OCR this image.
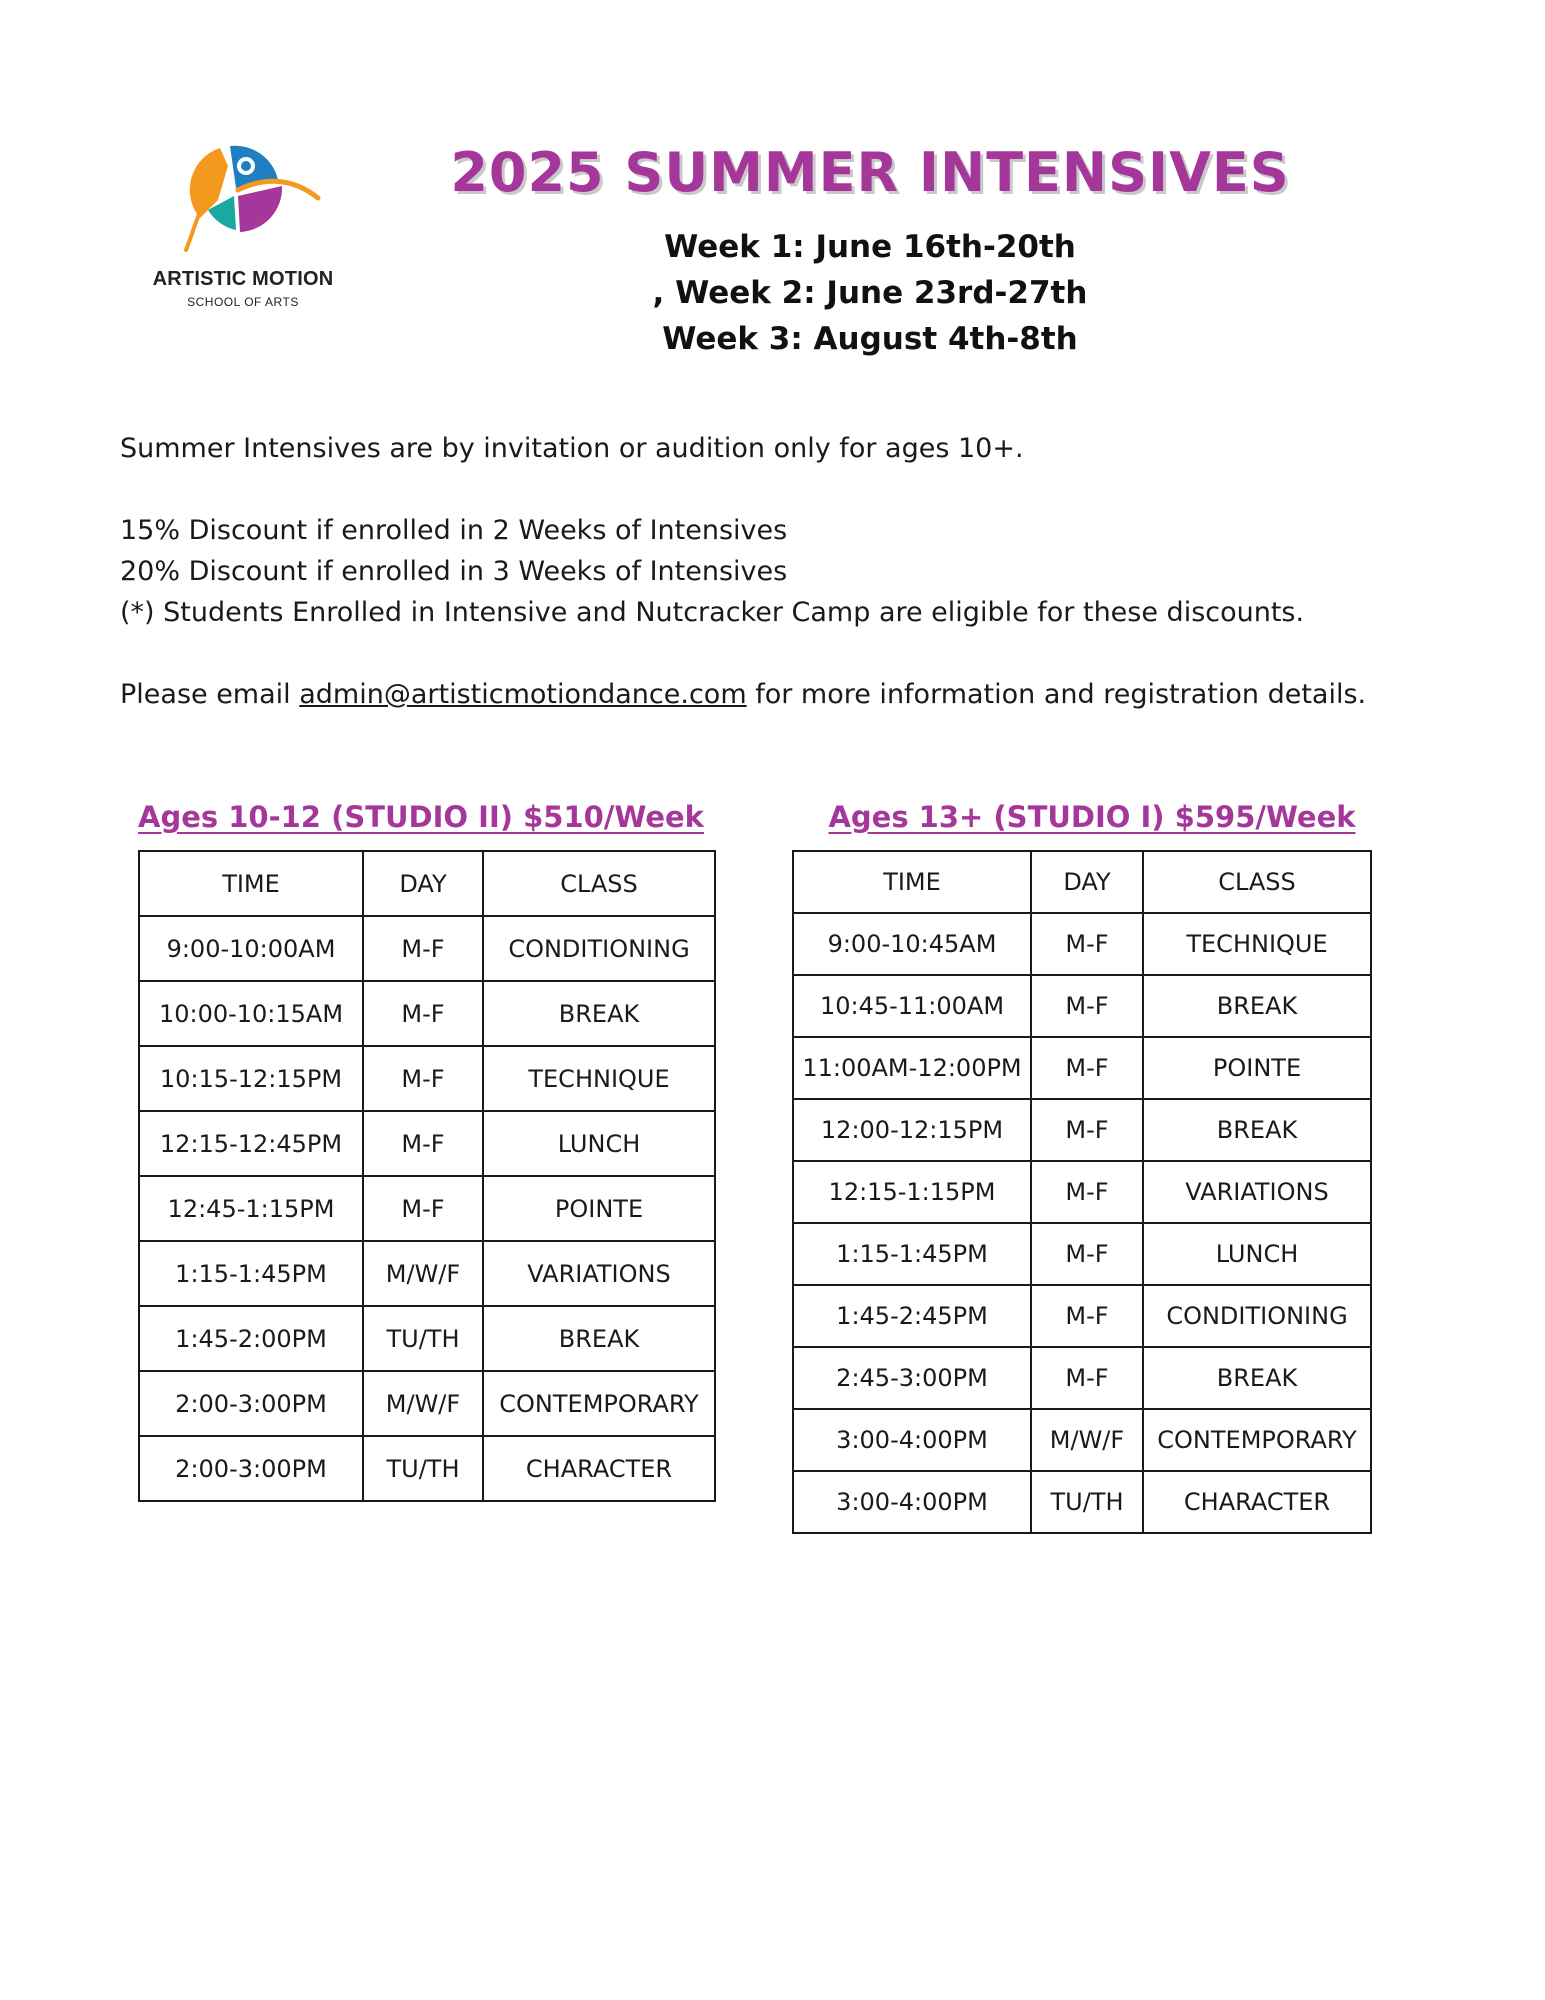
ARTISTIC MOTION
SCHOOL OF ARTS
2025 SUMMER INTENSIVES
Week 1: June 16th-20th
, Week 2: June 23rd-27th
Week 3: August 4th-8th

Summer Intensives are by invitation or audition only for ages 10+.

15% Discount if enrolled in 2 Weeks of Intensives

20% Discount if enrolled in 3 Weeks of Intensives

(*) Students Enrolled in Intensive and Nutcracker Camp are eligible for these discounts.

Please email admin@artisticmotiondance.com for more information and registration details.

Ages 10-12 (STUDIO II) $510/Week
TIME	DAY	CLASS
9:00-10:00AM	M-F	CONDITIONING
10:00-10:15AM	M-F	BREAK
10:15-12:15PM	M-F	TECHNIQUE
12:15-12:45PM	M-F	LUNCH
12:45-1:15PM	M-F	POINTE
1:15-1:45PM	M/W/F	VARIATIONS
1:45-2:00PM	TU/TH	BREAK
2:00-3:00PM	M/W/F	CONTEMPORARY
2:00-3:00PM	TU/TH	CHARACTER
Ages 13+ (STUDIO I) $595/Week
TIME	DAY	CLASS
9:00-10:45AM	M-F	TECHNIQUE
10:45-11:00AM	M-F	BREAK
11:00AM-12:00PM	M-F	POINTE
12:00-12:15PM	M-F	BREAK
12:15-1:15PM	M-F	VARIATIONS
1:15-1:45PM	M-F	LUNCH
1:45-2:45PM	M-F	CONDITIONING
2:45-3:00PM	M-F	BREAK
3:00-4:00PM	M/W/F	CONTEMPORARY
3:00-4:00PM	TU/TH	CHARACTER
